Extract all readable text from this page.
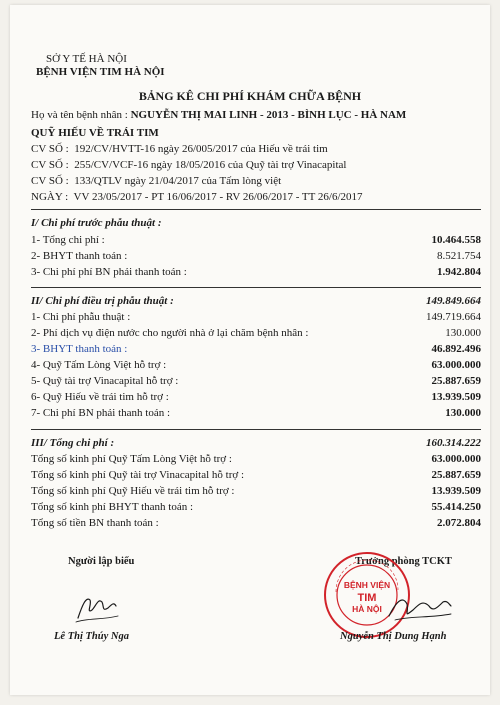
SỞ Y TẾ HÀ NỘI
BỆNH VIỆN TIM HÀ NỘI
BẢNG KÊ CHI PHÍ KHÁM CHỮA BỆNH
Họ và tên bệnh nhân : NGUYỄN THỊ MAI LINH - 2013 - BÌNH LỤC - HÀ NAM
QUỸ HIẾU VỀ TRÁI TIM
CV SỐ : 192/CV/HVTT-16 ngày 26/005/2017 của Hiếu về trái tim
CV SỐ : 255/CV/VCF-16 ngày 18/05/2016 của Quỹ tài trợ Vinacapital
CV SỐ : 133/QTLV ngày 21/04/2017 của Tấm lòng việt
NGÀY : VV 23/05/2017 - PT 16/06/2017 - RV 26/06/2017 - TT 26/6/2017
I/ Chi phí trước phẫu thuật :
1- Tổng chi phí :	10.464.558
2- BHYT thanh toán :	8.521.754
3- Chi phí phí BN phải thanh toán :	1.942.804
II/ Chi phí điều trị phẫu thuật :	149.849.664
1- Chi phí phẫu thuật :	149.719.664
2- Phí dịch vụ điện nước cho người nhà ở lại chăm bệnh nhân :	130.000
3- BHYT thanh toán :	46.892.496
4- Quỹ Tấm Lòng Việt hỗ trợ :	63.000.000
5- Quỹ tài trợ Vinacapital hỗ trợ :	25.887.659
6- Quỹ Hiếu về trái tim hỗ trợ :	13.939.509
7- Chi phí BN phải thanh toán :	130.000
III/ Tổng chi phí :	160.314.222
Tổng số kinh phí Quỹ Tấm Lòng Việt hỗ trợ :	63.000.000
Tổng số kinh phí Quỹ tài trợ Vinacapital hỗ trợ :	25.887.659
Tổng số kinh phí Quỹ Hiếu về trái tim hỗ trợ :	13.939.509
Tổng số kinh phí BHYT thanh toán :	55.414.250
Tổng số tiền BN thanh toán :	2.072.804
Người lập biểu	Trưởng phòng TCKT
BỆNH VIỆN
TIM
HÀ NỘI
Lê Thị Thúy Nga	Nguyễn Thị Dung Hạnh
